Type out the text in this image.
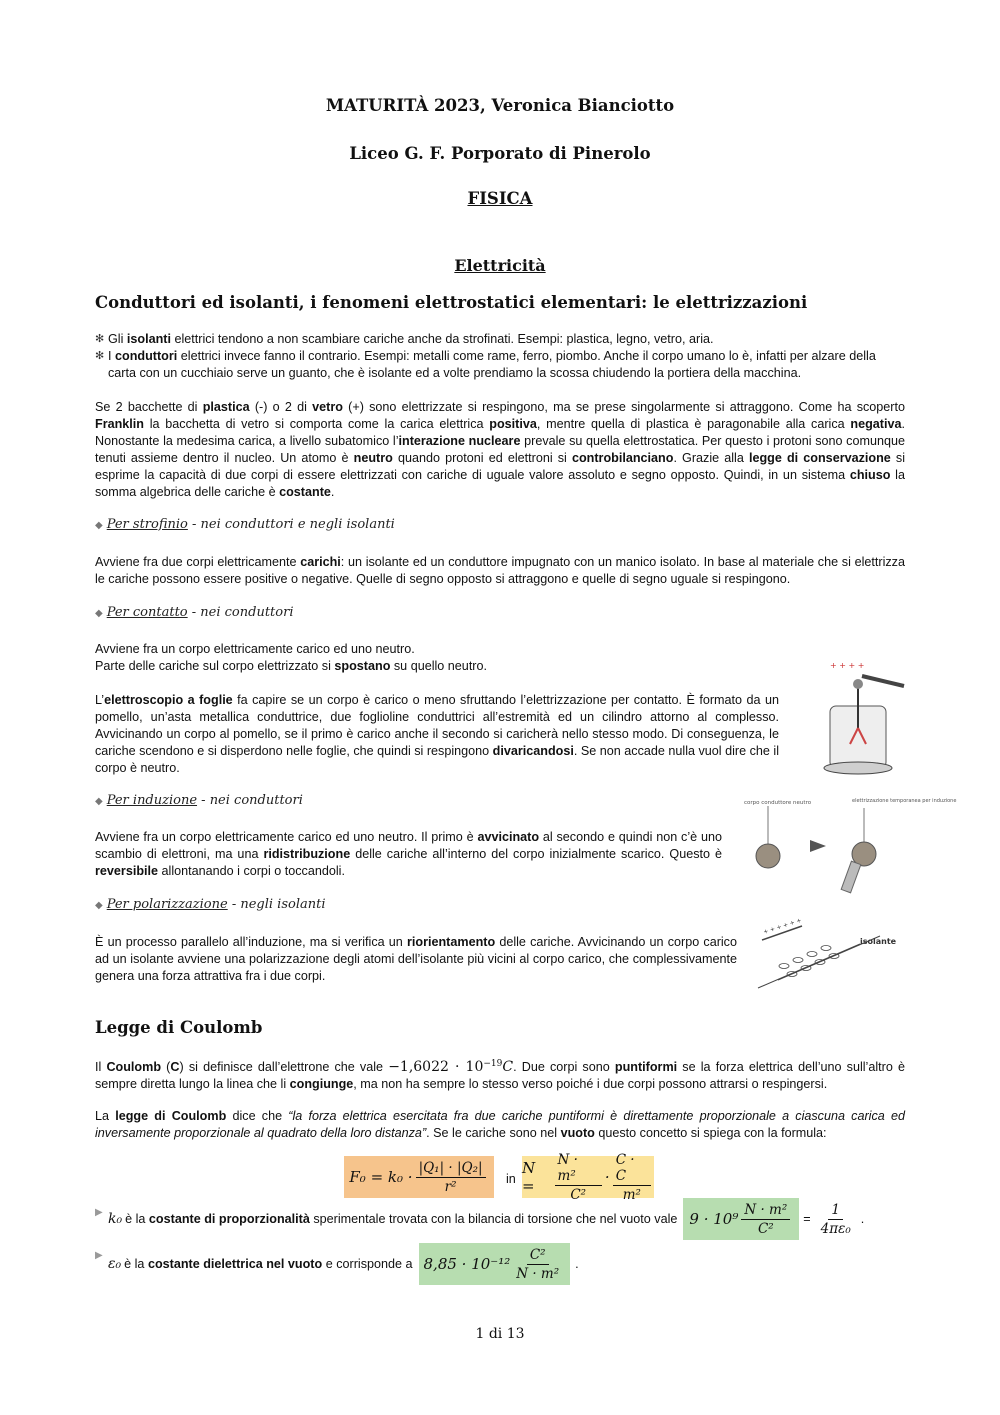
MATURITÀ 2023, Veronica Bianciotto
Liceo G. F. Porporato di Pinerolo
FISICA
Elettricità
Conduttori ed isolanti, i fenomeni elettrostatici elementari: le elettrizzazioni
✻ Gli isolanti elettrici tendono a non scambiare cariche anche da strofinati. Esempi: plastica, legno, vetro, aria.
✻ I conduttori elettrici invece fanno il contrario. Esempi: metalli come rame, ferro, piombo. Anche il corpo umano lo è, infatti per alzare della carta con un cucchiaio serve un guanto, che è isolante ed a volte prendiamo la scossa chiudendo la portiera della macchina.
Se 2 bacchette di plastica (-) o 2 di vetro (+) sono elettrizzate si respingono, ma se prese singolarmente si attraggono. Come ha scoperto Franklin la bacchetta di vetro si comporta come la carica elettrica positiva, mentre quella di plastica è paragonabile alla carica negativa. Nonostante la medesima carica, a livello subatomico l’interazione nucleare prevale su quella elettrostatica. Per questo i protoni sono comunque tenuti assieme dentro il nucleo. Un atomo è neutro quando protoni ed elettroni si controbilanciano. Grazie alla legge di conservazione si esprime la capacità di due corpi di essere elettrizzati con cariche di uguale valore assoluto e segno opposto. Quindi, in un sistema chiuso la somma algebrica delle cariche è costante.
◆ Per strofinio - nei conduttori e negli isolanti
Avviene fra due corpi elettricamente carichi: un isolante ed un conduttore impugnato con un manico isolato. In base al materiale che si elettrizza le cariche possono essere positive o negative. Quelle di segno opposto si attraggono e quelle di segno uguale si respingono.
◆ Per contatto - nei conduttori
Avviene fra un corpo elettricamente carico ed uno neutro.
Parte delle cariche sul corpo elettrizzato si spostano su quello neutro.
L’elettroscopio a foglie fa capire se un corpo è carico o meno sfruttando l’elettrizzazione per contatto. È formato da un pomello, un’asta metallica conduttrice, due foglioline conduttrici all’estremità ed un cilindro attorno al complesso. Avvicinando un corpo al pomello, se il primo è carico anche il secondo si caricherà nello stesso modo. Di conseguenza, le cariche scendono e si disperdono nelle foglie, che quindi si respingono divaricandosi. Se non accade nulla vuol dire che il corpo è neutro.
+ + + +
◆ Per induzione - nei conduttori
Avviene fra un corpo elettricamente carico ed uno neutro. Il primo è avvicinato al secondo e quindi non c’è uno scambio di elettroni, ma una ridistribuzione delle cariche all’interno del corpo inizialmente scarico. Questo è reversibile allontanando i corpi o toccandoli.
corpo conduttore neutro	elettrizzazione temporanea per induzione
◆ Per polarizzazione - negli isolanti
È un processo parallelo all’induzione, ma si verifica un riorientamento delle cariche. Avvicinando un corpo carico ad un isolante avviene una polarizzazione degli atomi dell’isolante più vicini al corpo carico, che complessivamente genera una forza attrattiva fra i due corpi.
+ + + + + +
isolante
Legge di Coulomb
Il Coulomb (C) si definisce dall’elettrone che vale $-1,6022 \cdot 10^{-19}C$. Due corpi sono puntiformi se la forza elettrica dell’uno sull’altro è sempre diretta lungo la linea che li congiunge, ma non ha sempre lo stesso verso poiché i due corpi possono attrarsi o respingersi.
La legge di Coulomb dice che “la forza elettrica esercitata fra due cariche puntiformi è direttamente proporzionale a ciascuna carica ed inversamente proporzionale al quadrato della loro distanza”. Se le cariche sono nel vuoto questo concetto si spiega con la formula:
$F_0 = k_0 \cdot \frac{\text{|Q₁| · |Q₂|}}{\text{r²}}$ in
N =	$\frac{\text{N · m²}}{\text{C²}} \cdot \frac{C \cdot C}{\text{m²}}$
▶ k₀ è la
costante di proporzionalità
sperimentale trovata con la bilancia di torsione che nel vuoto vale $9 \cdot 10^9 \frac{\text{N · m²}}{\text{C²}} = \frac{1}{\text{4πε₀}}$ .
▶
ε₀ è la
costante dielettrica nel vuoto
e corrisponde a $8,85 \cdot 10^{-12} \frac{\text{C²}}{\text{N · m²}}$ .
1 di 13
